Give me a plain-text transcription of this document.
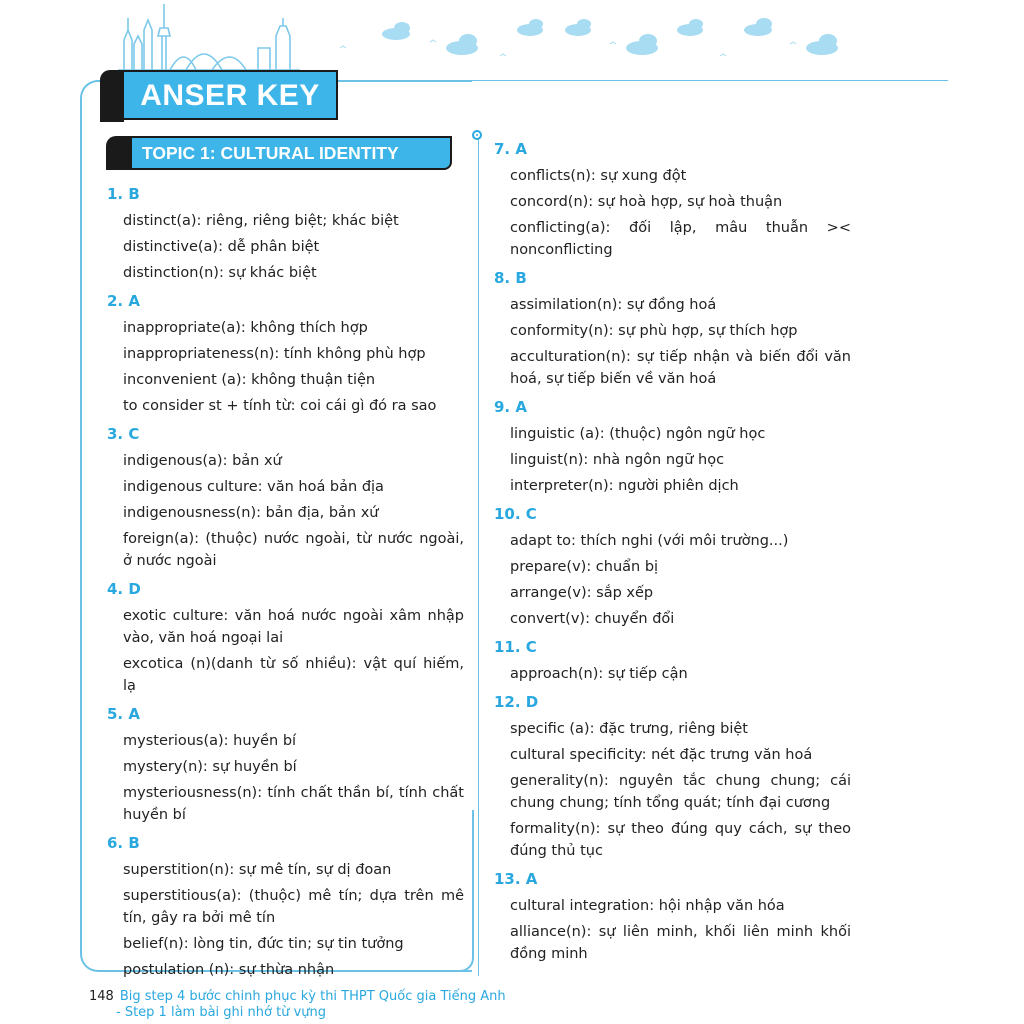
ANSER KEY
TOPIC 1: CULTURAL IDENTITY
1. B
distinct(a): riêng, riêng biệt; khác biệt
distinctive(a): dễ phân biệt
distinction(n): sự khác biệt
2. A
inappropriate(a): không thích hợp
inappropriateness(n): tính không phù hợp
inconvenient (a): không thuận tiện
to consider st + tính từ: coi cái gì đó ra sao
3. C
indigenous(a): bản xứ
indigenous culture: văn hoá bản địa
indigenousness(n): bản địa, bản xứ
foreign(a): (thuộc) nước ngoài, từ nước ngoài, ở nước ngoài
4. D
exotic culture: văn hoá nước ngoài xâm nhập vào, văn hoá ngoại lai
excotica (n)(danh từ số nhiều): vật quí hiếm, lạ
5. A
mysterious(a): huyền bí
mystery(n): sự huyền bí
mysteriousness(n): tính chất thần bí, tính chất huyền bí
6. B
superstition(n): sự mê tín, sự dị đoan
superstitious(a): (thuộc) mê tín; dựa trên mê tín, gây ra bởi mê tín
belief(n): lòng tin, đức tin; sự tin tưởng
postulation (n): sự thừa nhận
7. A
conflicts(n): sự xung đột
concord(n): sự hoà hợp, sự hoà thuận
conflicting(a): đối lập, mâu thuẫn >< nonconflicting
8. B
assimilation(n): sự đồng hoá
conformity(n): sự phù hợp, sự thích hợp
acculturation(n): sự tiếp nhận và biến đổi văn hoá, sự tiếp biến về văn hoá
9. A
linguistic (a): (thuộc) ngôn ngữ học
linguist(n): nhà ngôn ngữ học
interpreter(n): người phiên dịch
10. C
adapt to: thích nghi (với môi trường...)
prepare(v): chuẩn bị
arrange(v): sắp xếp
convert(v): chuyển đổi
11. C
approach(n): sự tiếp cận
12. D
specific (a): đặc trưng, riêng biệt
cultural specificity: nét đặc trưng văn hoá
generality(n): nguyên tắc chung chung; cái chung chung; tính tổng quát; tính đại cương
formality(n): sự theo đúng quy cách, sự theo đúng thủ tục
13. A
cultural integration: hội nhập văn hóa
alliance(n): sự liên minh, khối liên minh khối đồng minh
148 Big step 4 bước chinh phục kỳ thi THPT Quốc gia Tiếng Anh
- Step 1 làm bài ghi nhớ từ vựng
